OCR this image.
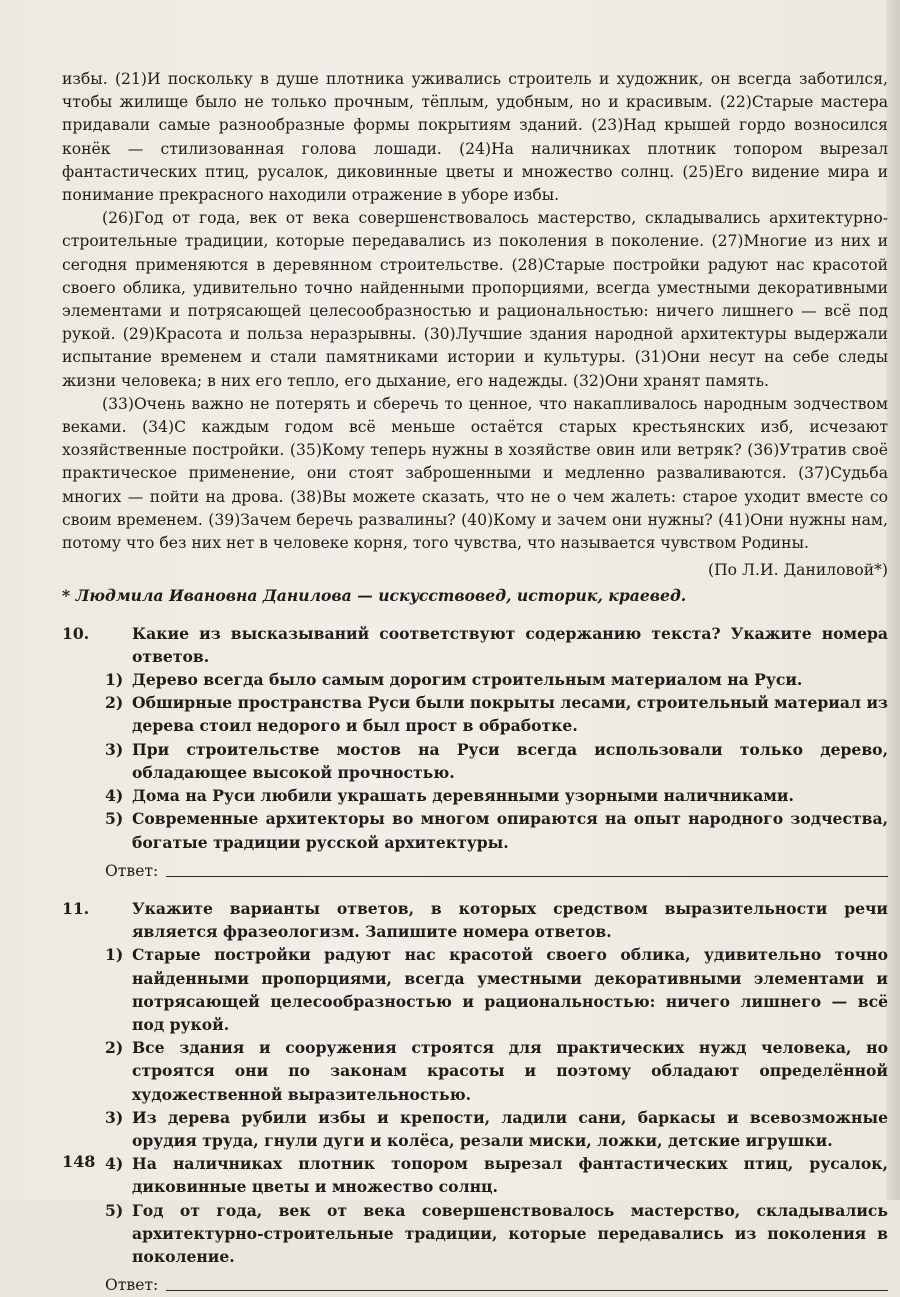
избы. (21)И поскольку в душе плотника уживались строитель и художник, он всегда заботился, чтобы жилище было не только прочным, тёплым, удобным, но и красивым. (22)Старые мастера придавали самые разнообразные формы покрытиям зданий. (23)Над крышей гордо возносился конёк — стилизованная голова лошади. (24)На наличниках плотник топором вырезал фантастических птиц, русалок, диковинные цветы и множество солнц. (25)Его видение мира и понимание прекрасного находили отражение в уборе избы.

(26)Год от года, век от века совершенствовалось мастерство, складывались архитектурно-строительные традиции, которые передавались из поколения в поколение. (27)Многие из них и сегодня применяются в деревянном строительстве. (28)Старые постройки радуют нас красотой своего облика, удивительно точно найденными пропорциями, всегда уместными декоративными элементами и потрясающей целесообразностью и рациональностью: ничего лишнего — всё под рукой. (29)Красота и польза неразрывны. (30)Лучшие здания народной архитектуры выдержали испытание временем и стали памятниками истории и культуры. (31)Они несут на себе следы жизни человека; в них его тепло, его дыхание, его надежды. (32)Они хранят память.

(33)Очень важно не потерять и сберечь то ценное, что накапливалось народным зодчеством веками. (34)С каждым годом всё меньше остаётся старых крестьянских изб, исчезают хозяйственные постройки. (35)Кому теперь нужны в хозяйстве овин или ветряк? (36)Утратив своё практическое применение, они стоят заброшенными и медленно разваливаются. (37)Судьба многих — пойти на дрова. (38)Вы можете сказать, что не о чем жалеть: старое уходит вместе со своим временем. (39)Зачем беречь развалины? (40)Кому и зачем они нужны? (41)Они нужны нам, потому что без них нет в человеке корня, того чувства, что называется чувством Родины.

(По Л.И. Даниловой*)
* Людмила Ивановна Данилова — искусствовед, историк, краевед.
10.	Какие из высказываний соответствуют содержанию текста? Укажите номера ответов.
1) Дерево всегда было самым дорогим строительным материалом на Руси.
2) Обширные пространства Руси были покрыты лесами, строительный материал из дерева стоил недорого и был прост в обработке.
3) При строительстве мостов на Руси всегда использовали только дерево, обладающее высокой прочностью.
4) Дома на Руси любили украшать деревянными узорными наличниками.
5) Современные архитекторы во многом опираются на опыт народного зодчества, богатые традиции русской архитектуры.
Ответ:
11.	Укажите варианты ответов, в которых средством выразительности речи является фразеологизм. Запишите номера ответов.
1) Старые постройки радуют нас красотой своего облика, удивительно точно найденными пропорциями, всегда уместными декоративными элементами и потрясающей целесообразностью и рациональностью: ничего лишнего — всё под рукой.
2) Все здания и сооружения строятся для практических нужд человека, но строятся они по законам красоты и поэтому обладают определённой художественной выразительностью.
3) Из дерева рубили избы и крепости, ладили сани, баркасы и всевозможные орудия труда, гнули дуги и колёса, резали миски, ложки, детские игрушки.
4) На наличниках плотник топором вырезал фантастических птиц, русалок, диковинные цветы и множество солнц.
5) Год от года, век от века совершенствовалось мастерство, складывались архитектурно-строительные традиции, которые передавались из поколения в поколение.
Ответ:
148
